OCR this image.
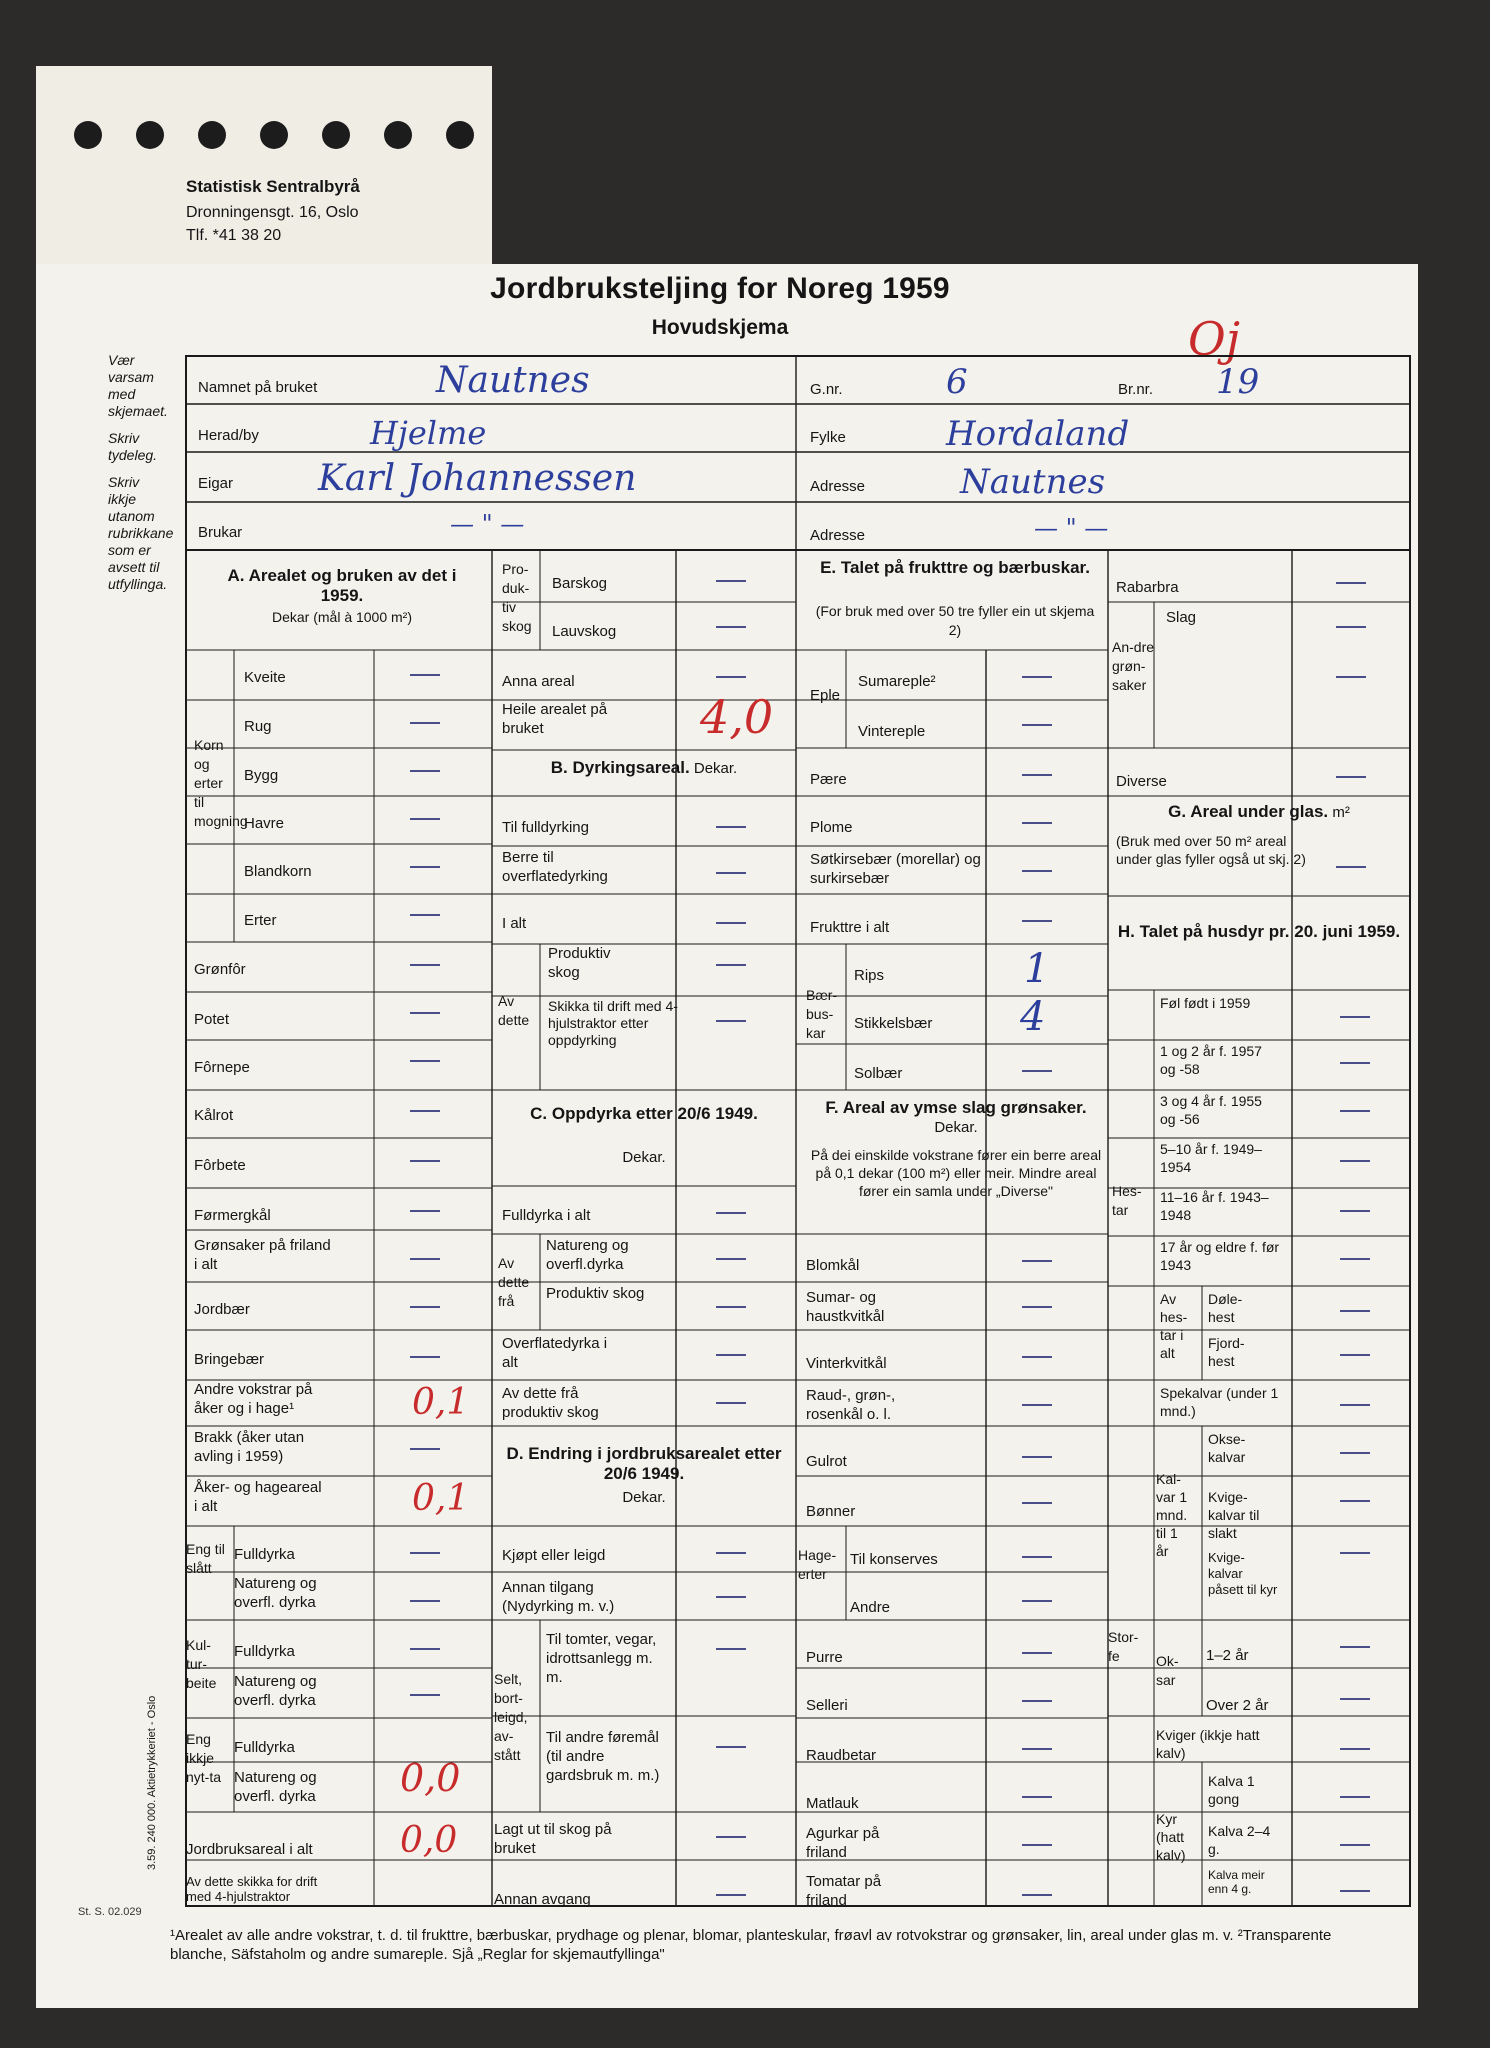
Statistisk Sentralbyrå
Dronningensgt. 16, Oslo
Tlf. *41 38 20
Jordbruksteljing for Noreg 1959
Hovudskjema	Oj

Vær varsam med skjemaet.

Skriv tydeleg.

Skriv ikkje utanom rubrikkane som er avsett til utfyllinga.

3.59. 240 000. Aktietrykkeriet - Oslo
St. S. 02.029
Namnet på bruket
Herad/by
Eigar
Brukar
G.nr.
Fylke
Adresse
Adresse
Br.nr.
Nautnes
Hjelme
Karl Johannessen
— " —
6
Hordaland
Nautnes
— " —
19
A. Arealet og bruken av det i 1959.
Dekar (mål à 1000 m²)
Korn og erter til mogning
Kveite
Rug
Bygg
Havre
Blandkorn
Erter
Grønfôr
Potet
Fôrnepe
Kålrot
Fôrbete
Førmergkål
Grønsaker på friland i alt
Jordbær
Bringebær
Andre vokstrar på åker og i hage¹
Brakk (åker utan avling i 1959)
Åker- og hageareal i alt
Eng til slått
Fulldyrka
Natureng og overfl. dyrka
Kul-tur-beite
Fulldyrka
Natureng og overfl. dyrka
Eng ikkje nyt-ta
Fulldyrka
Natureng og overfl. dyrka
Jordbruksareal i alt
Av dette skikka for drift med 4-hjulstraktor
0,1
0,1
0,0
0,0
Pro-duk-tiv skog
Barskog
Lauvskog
Anna areal
Heile arealet på bruket	4,0
B. Dyrkingsareal. Dekar.
Til fulldyrking
Berre til overflatedyrking
I alt
Av dette
Produktiv skog
Skikka til drift med 4-hjulstraktor etter oppdyrking
C. Oppdyrka etter 20/6 1949.
Dekar.
Fulldyrka i alt
Av dette frå
Natureng og overfl.dyrka
Produktiv skog
Overflatedyrka i alt
Av dette frå produktiv skog
D. Endring i jordbruksarealet etter 20/6 1949.
Dekar.
Kjøpt eller leigd
Annan tilgang (Nydyrking m. v.)
Selt, bort-leigd, av-stått
Til tomter, vegar, idrottsanlegg m. m.
Til andre føremål (til andre gardsbruk m. m.)
Lagt ut til skog på bruket
Annan avgang
E. Talet på frukttre og bærbuskar.
(For bruk med over 50 tre fyller ein ut skjema 2)
Eple
Sumareple²
Vintereple
Pære
Plome
Søtkirsebær (morellar) og surkirsebær
Frukttre i alt
Bær-bus-kar
Rips
Stikkelsbær
Solbær
1
4
F. Areal av ymse slag grønsaker. Dekar.
På dei einskilde vokstrane fører ein berre areal på 0,1 dekar (100 m²) eller meir. Mindre areal fører ein samla under „Diverse"
Blomkål
Sumar- og haustkvitkål
Vinterkvitkål
Raud-, grøn-, rosenkål o. l.
Gulrot
Bønner
Hage-erter
Til konserves
Andre
Purre
Selleri
Raudbetar
Matlauk
Agurkar på friland
Tomatar på friland
Rabarbra
An-dre grøn-saker
Slag
Diverse
G. Areal under glas. m²
(Bruk med over 50 m² areal under glas fyller også ut skj. 2)
H. Talet på husdyr pr. 20. juni 1959.
Hes-tar
Føl født i 1959
1 og 2 år f. 1957 og -58
3 og 4 år f. 1955 og -56
5–10 år f. 1949–1954
11–16 år f. 1943–1948
17 år og eldre f. før 1943
Av hes-tar i alt
Døle-hest
Fjord-hest
Stor-fe
Spekalvar (under 1 mnd.)
Kal-var 1 mnd. til 1 år
Okse-kalvar
Kvige-kalvar til slakt
Kvige-kalvar påsett til kyr
Ok-sar
1–2 år
Over 2 år
Kviger (ikkje hatt kalv)
Kyr (hatt kalv)
Kalva 1 gong
Kalva 2–4 g.
Kalva meir enn 4 g.
¹Arealet av alle andre vokstrar, t. d. til frukttre, bærbuskar, prydhage og plenar, blomar, planteskular, frøavl av rotvokstrar og grønsaker, lin, areal under glas m. v. ²Transparente blanche, Säfstaholm og andre sumareple. Sjå „Reglar for skjemautfyllinga"
